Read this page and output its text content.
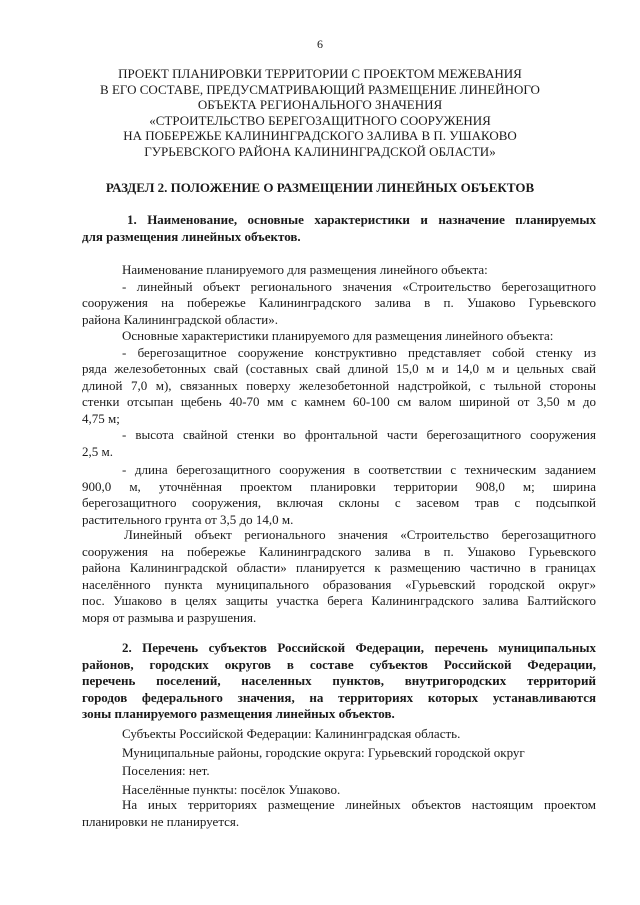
6
ПРОЕКТ ПЛАНИРОВКИ ТЕРРИТОРИИ С ПРОЕКТОМ МЕЖЕВАНИЯ
В ЕГО СОСТАВЕ, ПРЕДУСМАТРИВАЮЩИЙ РАЗМЕЩЕНИЕ ЛИНЕЙНОГО
ОБЪЕКТА РЕГИОНАЛЬНОГО ЗНАЧЕНИЯ
«СТРОИТЕЛЬСТВО БЕРЕГОЗАЩИТНОГО СООРУЖЕНИЯ
НА ПОБЕРЕЖЬЕ КАЛИНИНГРАДСКОГО ЗАЛИВА В П. УШАКОВО
ГУРЬЕВСКОГО РАЙОНА КАЛИНИНГРАДСКОЙ ОБЛАСТИ»
РАЗДЕЛ 2. ПОЛОЖЕНИЕ О РАЗМЕЩЕНИИ ЛИНЕЙНЫХ ОБЪЕКТОВ
1. Наименование, основные характеристики и назначение планируемых
для размещения линейных объектов.
Наименование планируемого для размещения линейного объекта:
- линейный объект регионального значения «Строительство берегозащитного
сооружения на побережье Калининградского залива в п. Ушаково Гурьевского
района Калининградской области».
Основные характеристики планируемого для размещения линейного объекта:
- берегозащитное сооружение конструктивно представляет собой стенку из
ряда железобетонных свай (составных свай длиной 15,0 м и 14,0 м и цельных свай
длиной 7,0 м), связанных поверху железобетонной надстройкой, с тыльной стороны
стенки отсыпан щебень 40-70 мм с камнем 60-100 см валом шириной от 3,50 м до
4,75 м;
- высота свайной стенки во фронтальной части берегозащитного сооружения
2,5 м.
- длина берегозащитного сооружения в соответствии с техническим заданием
900,0 м, уточнённая проектом планировки территории 908,0 м; ширина
берегозащитного сооружения, включая склоны с засевом трав с подсыпкой
растительного грунта от 3,5 до 14,0 м.
Линейный объект регионального значения «Строительство берегозащитного
сооружения на побережье Калининградского залива в п. Ушаково Гурьевского
района Калининградской области» планируется к размещению частично в границах
населённого пункта муниципального образования «Гурьевский городской округ»
пос. Ушаково в целях защиты участка берега Калининградского залива Балтийского
моря от размыва и разрушения.
2. Перечень субъектов Российской Федерации, перечень муниципальных
районов, городских округов в составе субъектов Российской Федерации,
перечень поселений, населенных пунктов, внутригородских территорий
городов федерального значения, на территориях которых устанавливаются
зоны планируемого размещения линейных объектов.
Субъекты Российской Федерации: Калининградская область.
Муниципальные районы, городские округа: Гурьевский городской округ
Поселения: нет.
Населённые пункты: посёлок Ушаково.
На иных территориях размещение линейных объектов настоящим проектом
планировки не планируется.
